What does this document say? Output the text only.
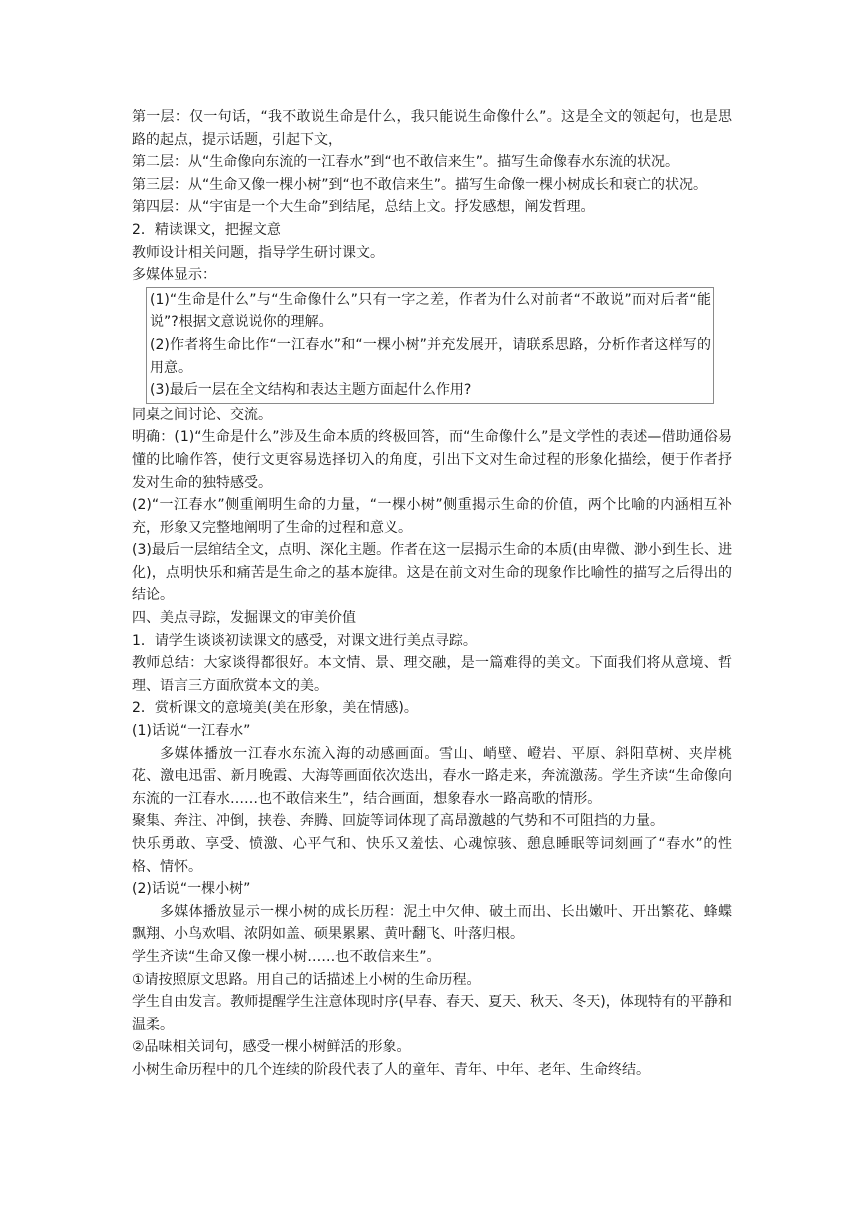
第一层：仅一句话，“我不敢说生命是什么，我只能说生命像什么”。这是全文的领起句，也是思路的起点，提示话题，引起下文，

第二层：从“生命像向东流的一江春水”到“也不敢信来生”。描写生命像春水东流的状况。

第三层：从“生命又像一棵小树”到“也不敢信来生”。描写生命像一棵小树成长和衰亡的状况。

第四层：从“宇宙是一个大生命”到结尾，总结上文。抒发感想，阐发哲理。

2．精读课文，把握文意

教师设计相关问题，指导学生研讨课文。

多媒体显示：

(1)“生命是什么”与“生命像什么”只有一字之差，作者为什么对前者“不敢说”而对后者“能说”?根据文意说说你的理解。

(2)作者将生命比作“一江春水”和“一棵小树”并充发展开，请联系思路，分析作者这样写的用意。

(3)最后一层在全文结构和表达主题方面起什么作用?

同桌之间讨论、交流。

明确：(1)“生命是什么”涉及生命本质的终极回答，而“生命像什么”是文学性的表述—借助通俗易懂的比喻作答，使行文更容易选择切入的角度，引出下文对生命过程的形象化描绘，便于作者抒发对生命的独特感受。

(2)“一江春水”侧重阐明生命的力量，“一棵小树”侧重揭示生命的价值，两个比喻的内涵相互补充，形象又完整地阐明了生命的过程和意义。

(3)最后一层绾结全文，点明、深化主题。作者在这一层揭示生命的本质(由卑微、渺小到生长、进化)，点明快乐和痛苦是生命之的基本旋律。这是在前文对生命的现象作比喻性的描写之后得出的结论。

四、美点寻踪，发掘课文的审美价值

1．请学生谈谈初读课文的感受，对课文进行美点寻踪。

教师总结：大家谈得都很好。本文情、景、理交融，是一篇难得的美文。下面我们将从意境、哲理、语言三方面欣赏本文的美。

2．赏析课文的意境美(美在形象，美在情感)。

(1)话说“一江春水”

多媒体播放一江春水东流入海的动感画面。雪山、峭壁、嶝岩、平原、斜阳草树、夹岸桃花、激电迅雷、新月晚霞、大海等画面依次迭出，春水一路走来，奔流激荡。学生齐读“生命像向东流的一江春水……也不敢信来生”，结合画面，想象春水一路高歌的情形。

聚集、奔注、冲倒，挟卷、奔腾、回旋等词体现了高昂激越的气势和不可阻挡的力量。

快乐勇敢、享受、愤激、心平气和、快乐又羞怯、心魂惊骇、憩息睡眠等词刻画了“春水”的性格、情怀。

(2)话说“一棵小树”

多媒体播放显示一棵小树的成长历程：泥土中欠伸、破土而出、长出嫩叶、开出繁花、蜂蝶飘翔、小鸟欢唱、浓阴如盖、硕果累累、黄叶翻飞、叶落归根。

学生齐读“生命又像一棵小树……也不敢信来生”。

①请按照原文思路。用自己的话描述上小树的生命历程。

学生自由发言。教师提醒学生注意体现时序(早春、春天、夏天、秋天、冬天)，体现特有的平静和温柔。

②品味相关词句，感受一棵小树鲜活的形象。

小树生命历程中的几个连续的阶段代表了人的童年、青年、中年、老年、生命终结。
